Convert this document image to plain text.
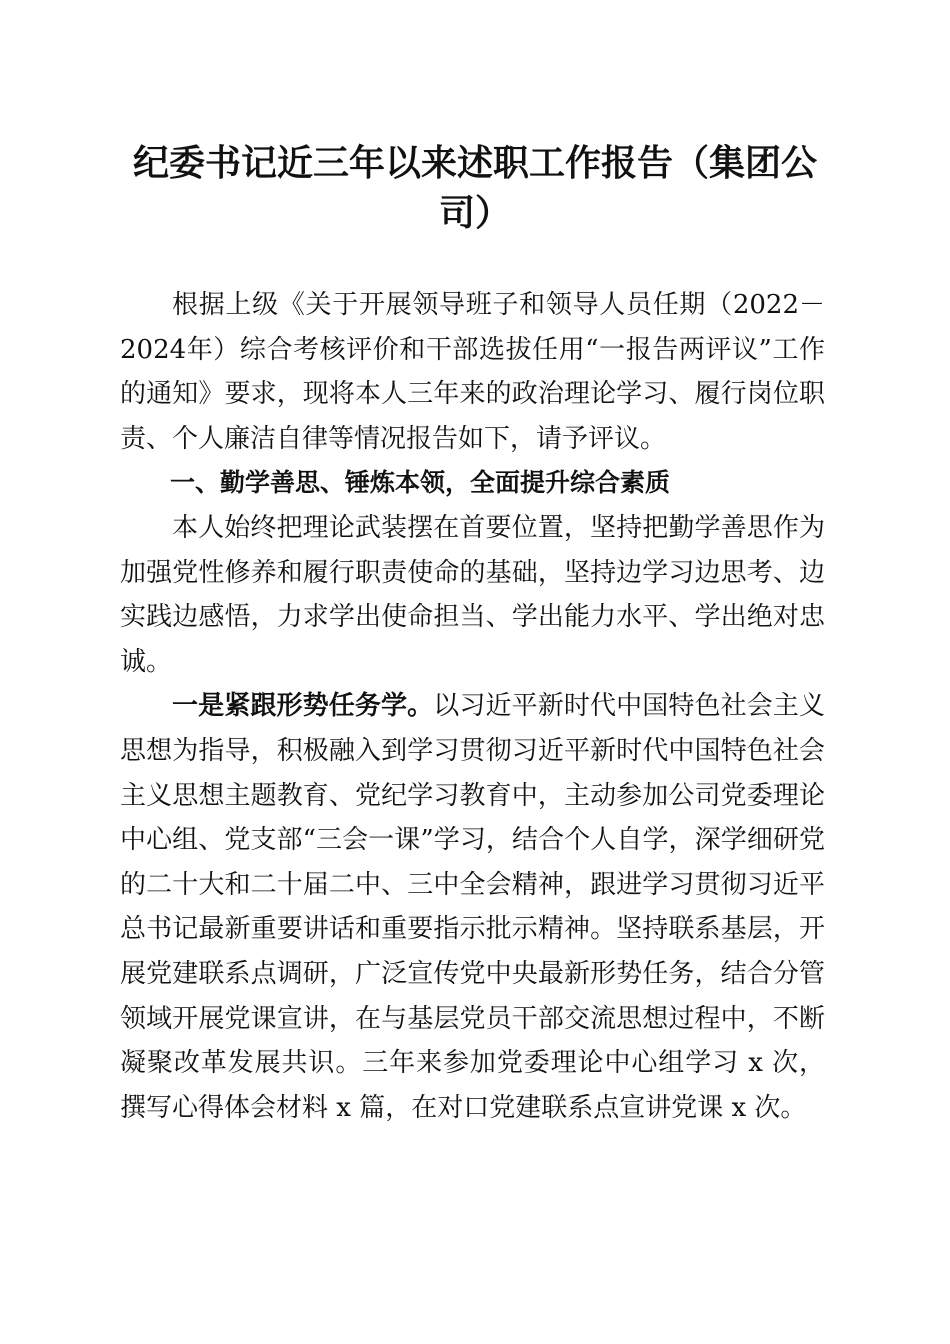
纪委书记近三年以来述职工作报告（集团公司）

根据上级《关于开展领导班子和领导人员任期（2022－2024年）综合考核评价和干部选拔任用“一报告两评议”工作的通知》要求，现将本人三年来的政治理论学习、履行岗位职责、个人廉洁自律等情况报告如下，请予评议。

一、勤学善思、锤炼本领，全面提升综合素质

本人始终把理论武装摆在首要位置，坚持把勤学善思作为加强党性修养和履行职责使命的基础，坚持边学习边思考、边实践边感悟，力求学出使命担当、学出能力水平、学出绝对忠诚。

一是紧跟形势任务学。以习近平新时代中国特色社会主义思想为指导，积极融入到学习贯彻习近平新时代中国特色社会主义思想主题教育、党纪学习教育中，主动参加公司党委理论中心组、党支部“三会一课”学习，结合个人自学，深学细研党的二十大和二十届二中、三中全会精神，跟进学习贯彻习近平总书记最新重要讲话和重要指示批示精神。坚持联系基层，开展党建联系点调研，广泛宣传党中央最新形势任务，结合分管领域开展党课宣讲，在与基层党员干部交流思想过程中，不断凝聚改革发展共识。三年来参加党委理论中心组学习 x 次，撰写心得体会材料 x 篇，在对口党建联系点宣讲党课 x 次。
